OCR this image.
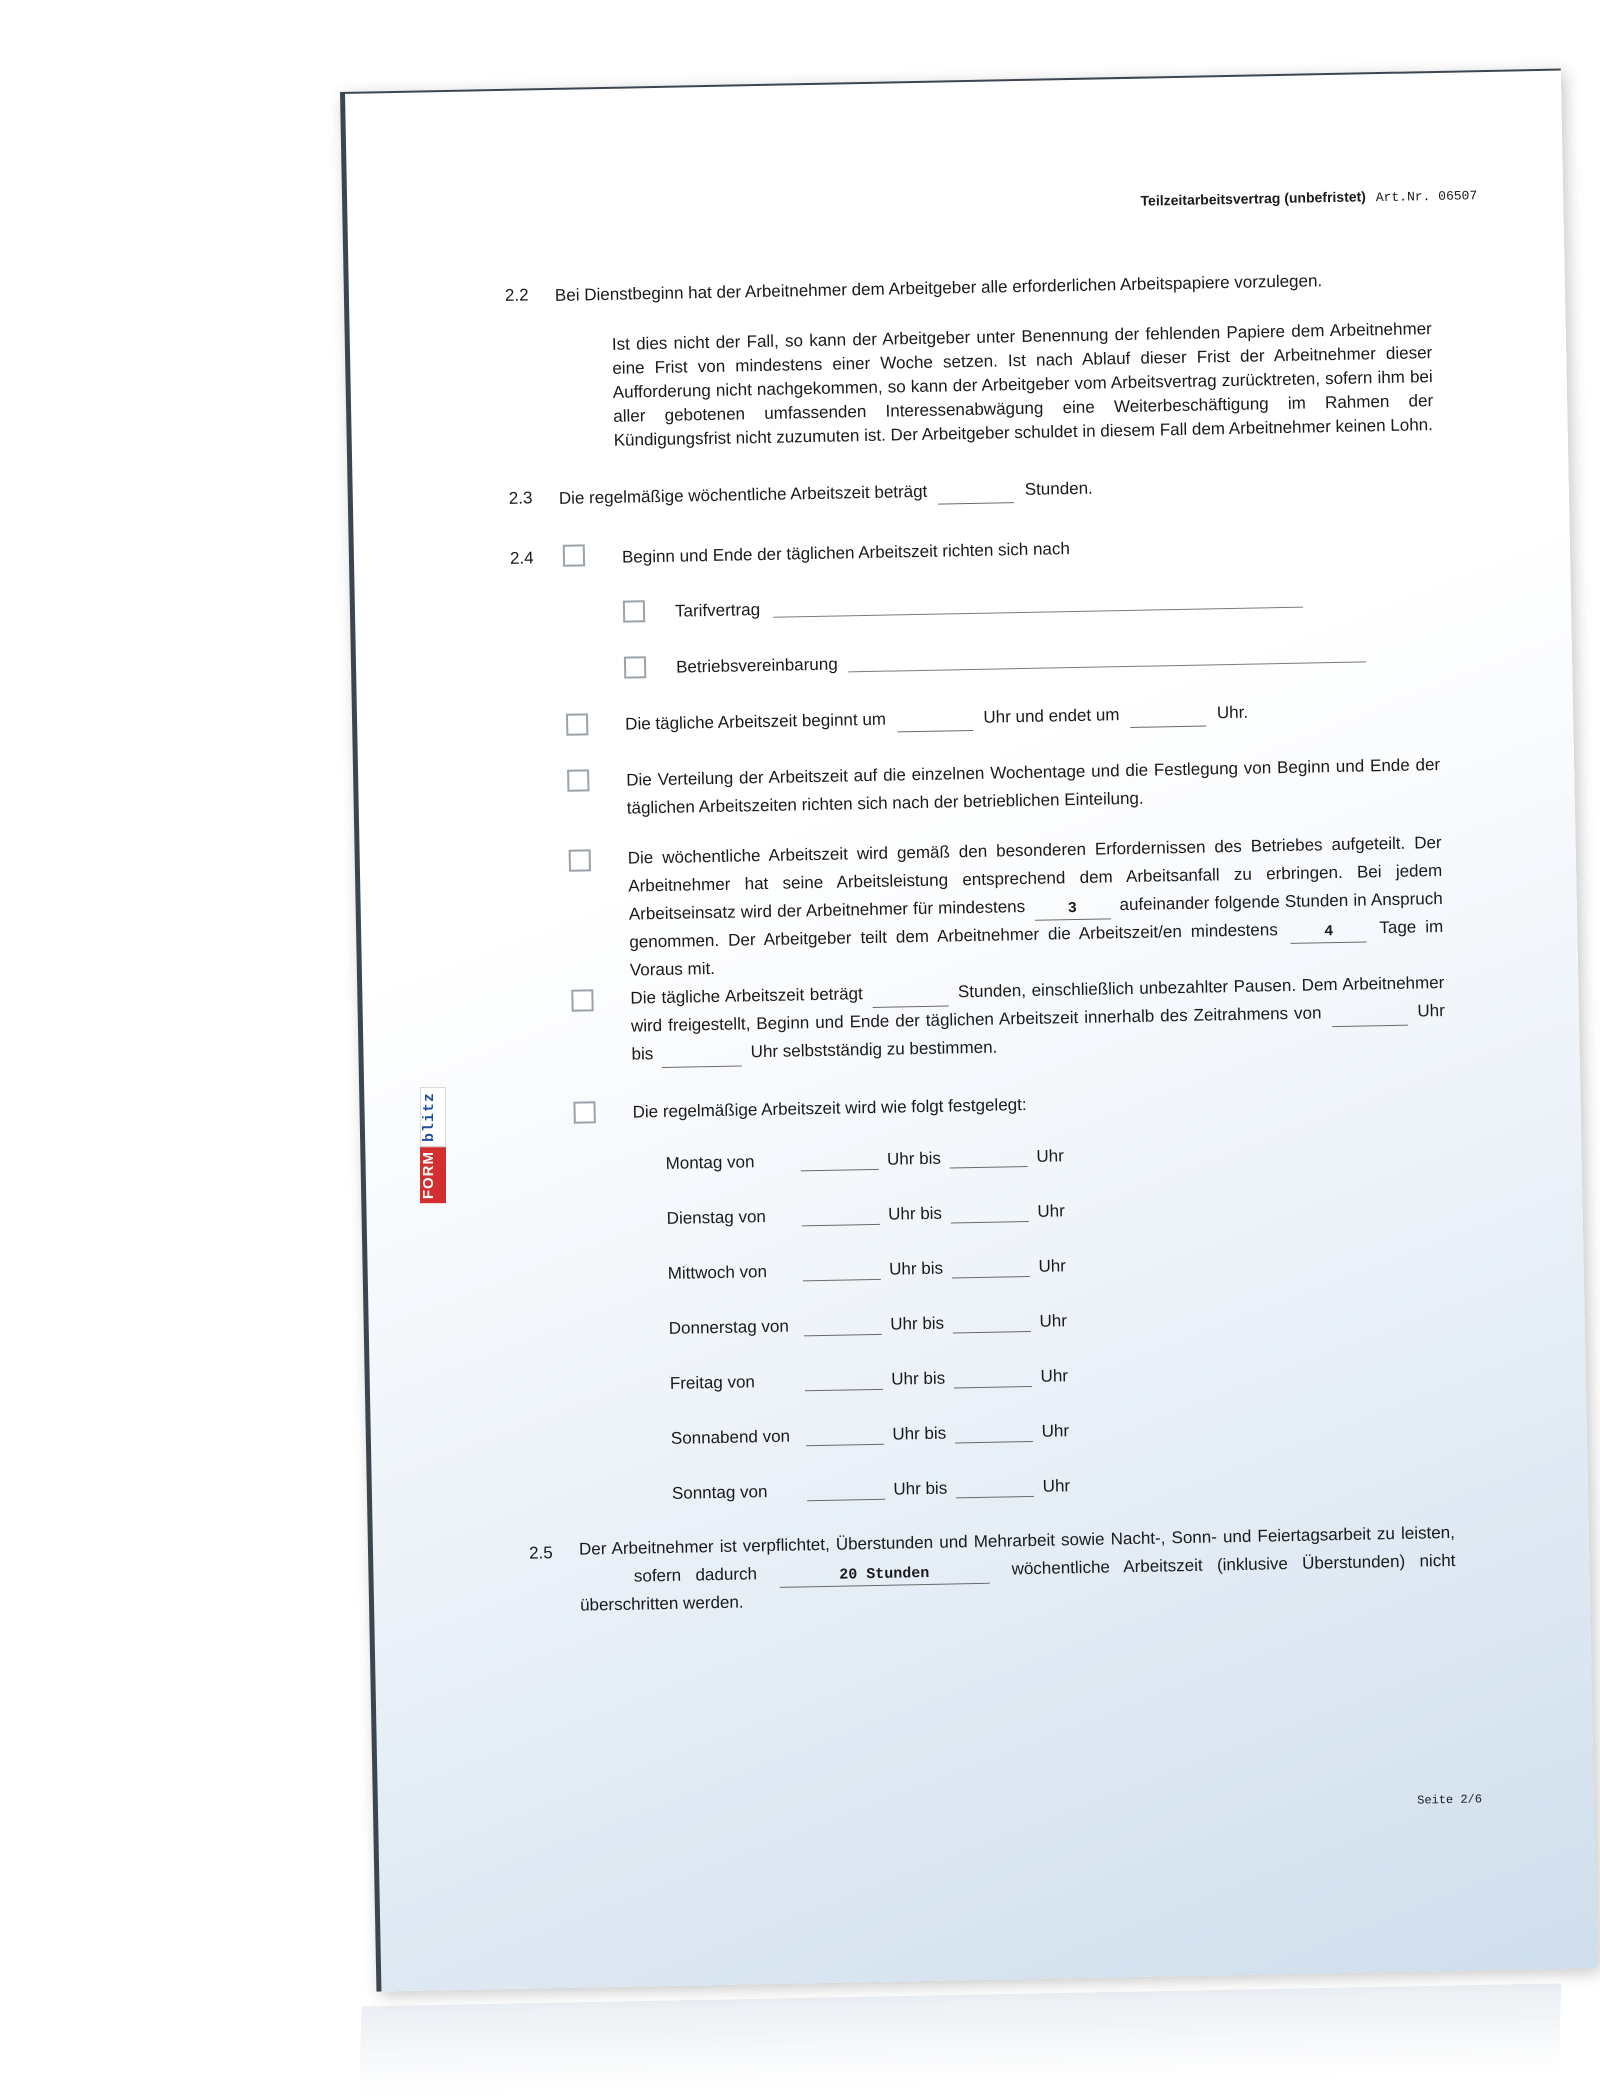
Teilzeitarbeitsvertrag (unbefristet) Art.Nr. 06507
2.2 Bei Dienstbeginn hat der Arbeitnehmer dem Arbeitgeber alle erforderlichen Arbeitspapiere vorzulegen.
Ist dies nicht der Fall, so kann der Arbeitgeber unter Benennung der fehlenden Papiere dem Arbeitnehmer eine Frist von mindestens einer Woche setzen. Ist nach Ablauf dieser Frist der Arbeitnehmer dieser Aufforderung nicht nachgekommen, so kann der Arbeitgeber vom Arbeitsvertrag zurücktreten, sofern ihm bei aller gebotenen umfassenden Interessenabwägung eine Weiterbeschäftigung im Rahmen der Kündigungsfrist nicht zuzumuten ist. Der Arbeitgeber schuldet in diesem Fall dem Arbeitnehmer keinen Lohn.
2.3 Die regelmäßige wöchentliche Arbeitszeit beträgt	Stunden.
2.4	Beginn und Ende der täglichen Arbeitszeit richten sich nach
Tarifvertrag
Betriebsvereinbarung
Die tägliche Arbeitszeit beginnt um	Uhr und endet um	Uhr.
Die Verteilung der Arbeitszeit auf die einzelnen Wochentage und die Festlegung von Beginn und Ende der täglichen Arbeitszeiten richten sich nach der betrieblichen Einteilung.
Die wöchentliche Arbeitszeit wird gemäß den besonderen Erfordernissen des Betriebes aufgeteilt. Der Arbeitnehmer hat seine Arbeitsleistung entsprechend dem Arbeitsanfall zu erbringen. Bei jedem Arbeitseinsatz wird der Arbeitnehmer für mindestens	3 aufeinander folgende Stunden in Anspruch genommen. Der Arbeitgeber teilt dem Arbeitnehmer die Arbeitszeit/en mindestens	4	Tage im Voraus mit.
Die tägliche Arbeitszeit beträgt	Stunden, einschließlich unbezahlter Pausen. Dem Arbeitnehmer wird freigestellt, Beginn und Ende der täglichen Arbeitszeit innerhalb des Zeitrahmens von	Uhr bis	Uhr selbstständig zu bestimmen.
Die regelmäßige Arbeitszeit wird wie folgt festgelegt:
Montag von	Uhr bis	Uhr
Dienstag von	Uhr bis	Uhr
Mittwoch von	Uhr bis	Uhr
Donnerstag von	Uhr bis	Uhr
Freitag von	Uhr bis	Uhr
Sonnabend von	Uhr bis	Uhr
Sonntag von	Uhr bis	Uhr
2.5 Der Arbeitnehmer ist verpflichtet, Überstunden und Mehrarbeit sowie Nacht-, Sonn- und Feiertagsarbeit zu leisten,  sofern dadurch	20 Stunden	wöchentliche Arbeitszeit (inklusive Überstunden) nicht überschritten werden.
Seite 2/6
FORM
blitz
